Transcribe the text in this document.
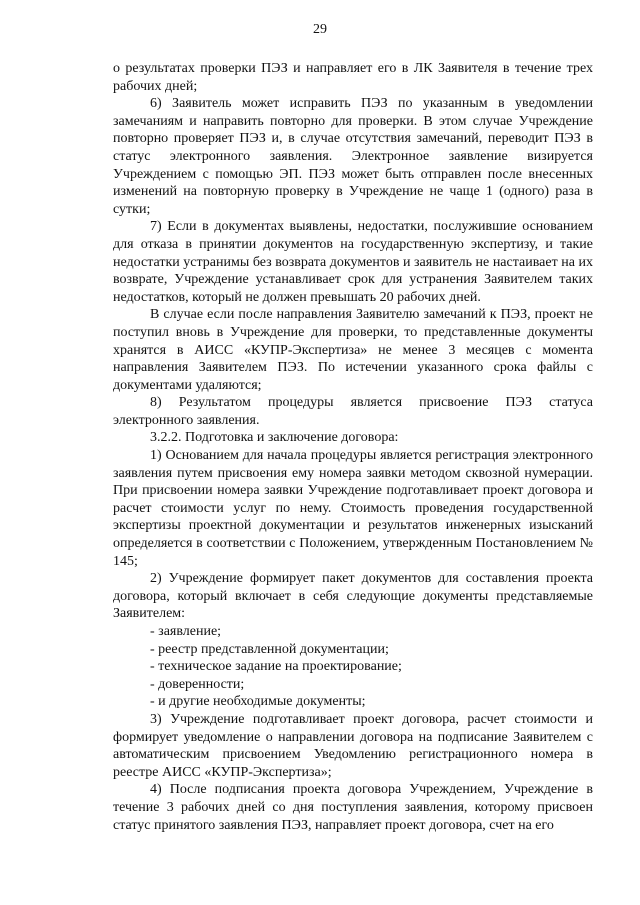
29

о результатах проверки ПЭЗ и направляет его в ЛК Заявителя в течение трех рабочих дней;

6) Заявитель может исправить ПЭЗ по указанным в уведомлении замечаниям и направить повторно для проверки. В этом случае Учреждение повторно проверяет ПЭЗ и, в случае отсутствия замечаний, переводит ПЭЗ в статус электронного заявления. Электронное заявление визируется Учреждением с помощью ЭП. ПЭЗ может быть отправлен после внесенных изменений на повторную проверку в Учреждение не чаще 1 (одного) раза в сутки;

7) Если в документах выявлены, недостатки, послужившие основанием для отказа в принятии документов на государственную экспертизу, и такие недостатки устранимы без возврата документов и заявитель не настаивает на их возврате, Учреждение устанавливает срок для устранения Заявителем таких недостатков, который не должен превышать 20 рабочих дней.

В случае если после направления Заявителю замечаний к ПЭЗ, проект не поступил вновь в Учреждение для проверки, то представленные документы хранятся в АИСС «КУПР-Экспертиза» не менее 3 месяцев с момента направления Заявителем ПЭЗ. По истечении указанного срока файлы с документами удаляются;

8) Результатом процедуры является присвоение ПЭЗ статуса электронного заявления.

3.2.2. Подготовка и заключение договора:

1) Основанием для начала процедуры является регистрация электронного заявления путем присвоения ему номера заявки методом сквозной нумерации. При присвоении номера заявки Учреждение подготавливает проект договора и расчет стоимости услуг по нему. Стоимость проведения государственной экспертизы проектной документации и результатов инженерных изысканий определяется в соответствии с Положением, утвержденным Постановлением № 145;

2) Учреждение формирует пакет документов для составления проекта договора, который включает в себя следующие документы представляемые Заявителем:

- заявление;

- реестр представленной документации;

- техническое задание на проектирование;

- доверенности;

- и другие необходимые документы;

3) Учреждение подготавливает проект договора, расчет стоимости и формирует уведомление о направлении договора на подписание Заявителем с автоматическим присвоением Уведомлению регистрационного номера в реестре АИСС «КУПР-Экспертиза»;

4) После подписания проекта договора Учреждением, Учреждение в течение 3 рабочих дней со дня поступления заявления, которому присвоен статус принятого заявления ПЭЗ, направляет проект договора, счет на его
